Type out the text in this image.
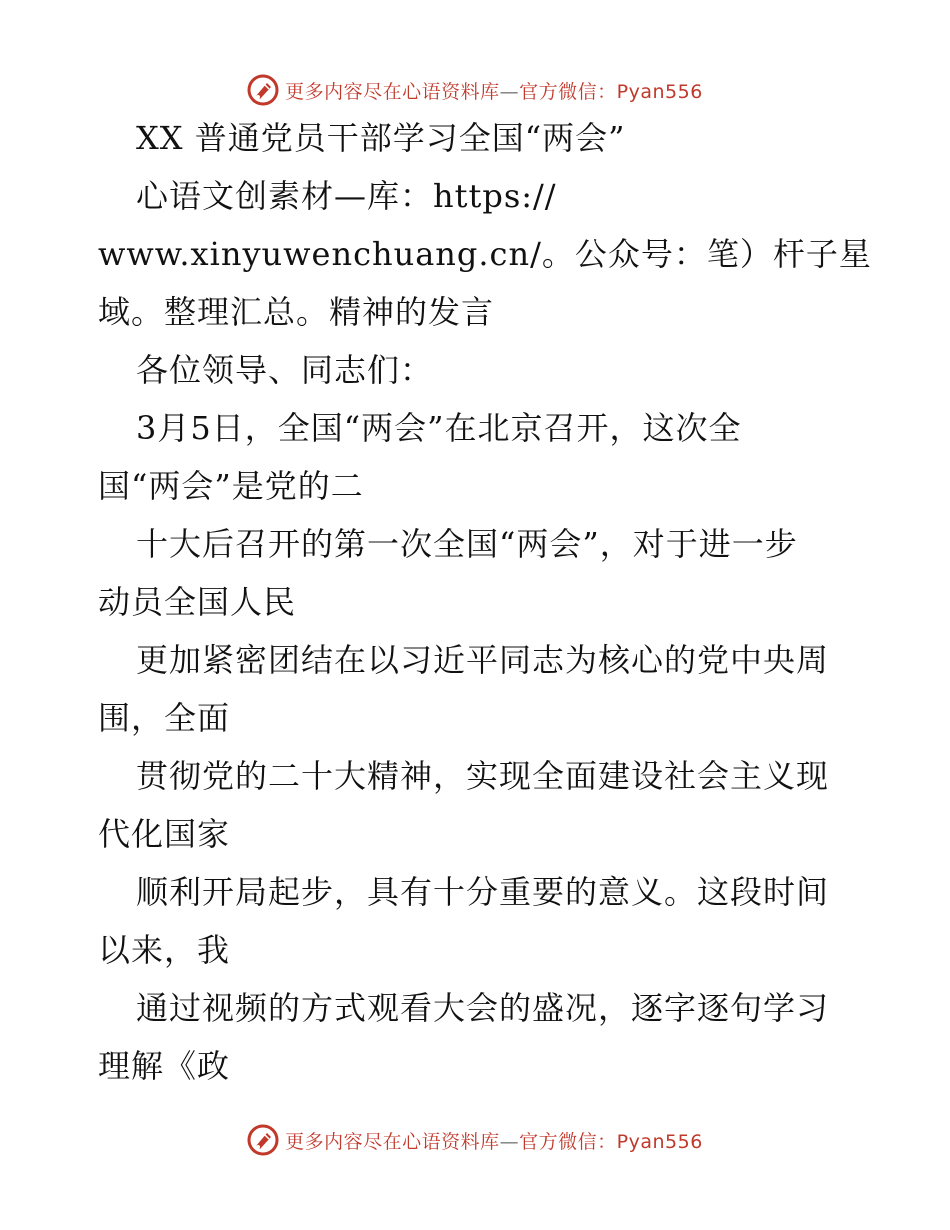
更多内容尽在心语资料库—官方微信：Pyan556
XX 普通党员干部学习全国“两会”
心语文创素材—库：https://
www.xinyuwenchuang.cn/。公众号：笔）杆子星
域。整理汇总。精神的发言
各位领导、同志们：
3月5日，全国“两会”在北京召开，这次全
国“两会”是党的二
十大后召开的第一次全国“两会”，对于进一步
动员全国人民
更加紧密团结在以习近平同志为核心的党中央周
围，全面
贯彻党的二十大精神，实现全面建设社会主义现
代化国家
顺利开局起步，具有十分重要的意义。这段时间
以来，我
通过视频的方式观看大会的盛况，逐字逐句学习
理解《政
更多内容尽在心语资料库—官方微信：Pyan556
